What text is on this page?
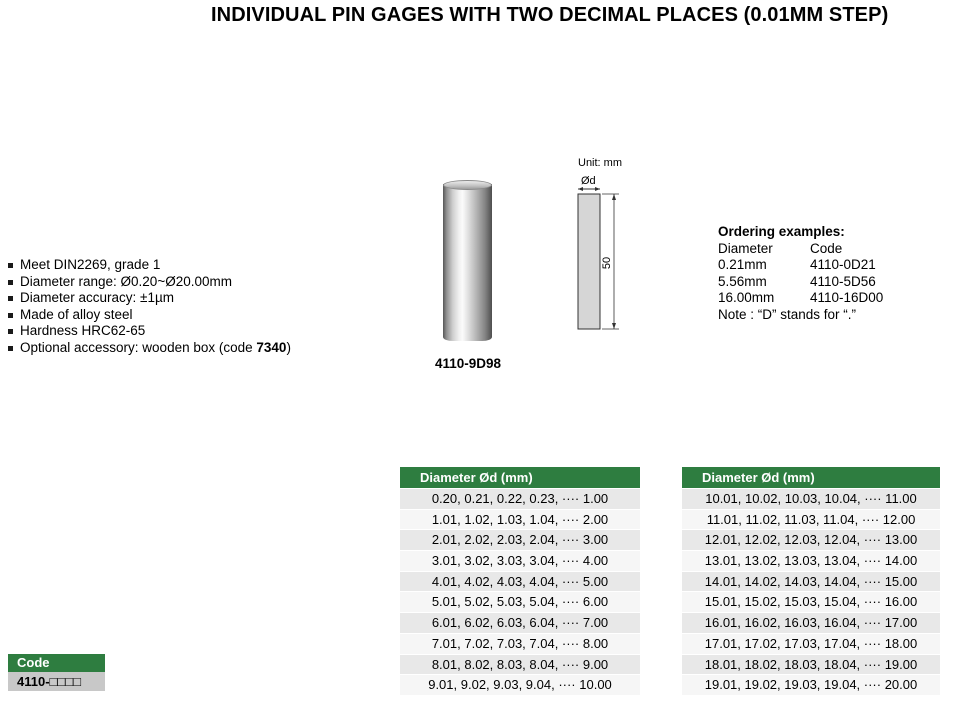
INDIVIDUAL PIN GAGES WITH TWO DECIMAL PLACES (0.01MM STEP)
Meet DIN2269, grade 1
Diameter range: Ø0.20~Ø20.00mm
Diameter accuracy: ±1µm
Made of alloy steel
Hardness HRC62-65
Optional accessory: wooden box (code 7340)
4110-9D98
Unit: mm
Ød
50
Ordering examples:
Diameter	Code
0.21mm	4110-0D21
5.56mm	4110-5D56
16.00mm	4110-16D00
Note : “D” stands for “.”
Code
4110-□□□□
Diameter Ød (mm)
0.20, 0.21, 0.22, 0.23, ···· 1.00
1.01, 1.02, 1.03, 1.04, ···· 2.00
2.01, 2.02, 2.03, 2.04, ···· 3.00
3.01, 3.02, 3.03, 3.04, ···· 4.00
4.01, 4.02, 4.03, 4.04, ···· 5.00
5.01, 5.02, 5.03, 5.04, ···· 6.00
6.01, 6.02, 6.03, 6.04, ···· 7.00
7.01, 7.02, 7.03, 7.04, ···· 8.00
8.01, 8.02, 8.03, 8.04, ···· 9.00
9.01, 9.02, 9.03, 9.04, ···· 10.00
Diameter Ød (mm)
10.01, 10.02, 10.03, 10.04, ···· 11.00
11.01, 11.02, 11.03, 11.04, ···· 12.00
12.01, 12.02, 12.03, 12.04, ···· 13.00
13.01, 13.02, 13.03, 13.04, ···· 14.00
14.01, 14.02, 14.03, 14.04, ···· 15.00
15.01, 15.02, 15.03, 15.04, ···· 16.00
16.01, 16.02, 16.03, 16.04, ···· 17.00
17.01, 17.02, 17.03, 17.04, ···· 18.00
18.01, 18.02, 18.03, 18.04, ···· 19.00
19.01, 19.02, 19.03, 19.04, ···· 20.00
